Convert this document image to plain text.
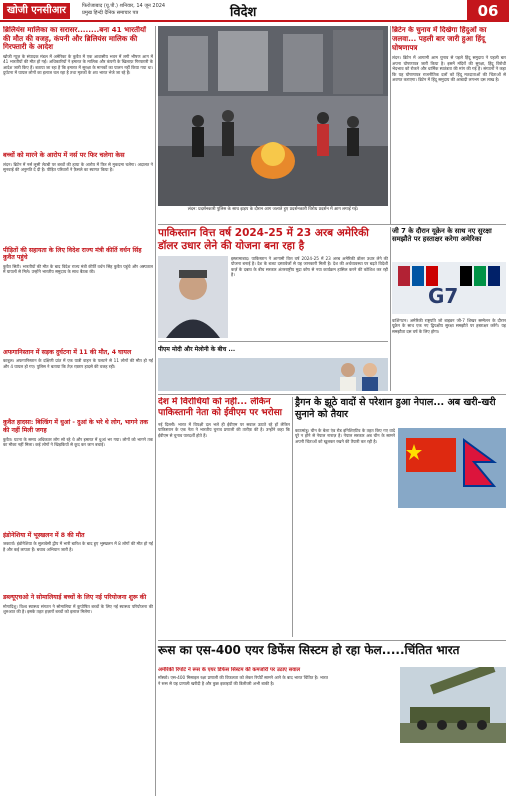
खोजी एनसीआर	फिरोजाबाद (यू.पी.) शनिवार, 14 जून 2024
प्रमुख हिन्दी दैनिक समाचार पत्र	विदेश	06
ब्रिलियंस मालिका का सरासर........बना 41 भारतीयों की मौत की वजह, कंपनी और ब्रिलियंस मालिक की गिरफ्तारी के आदेश
खोजी न्यूज़ के संपादक मंडल में अमेरिका के कुवैत में एक आवासीय भवन में लगी भीषण आग में 41 भारतीयों की मौत हो गई। अधिकारियों ने इमारत के मालिक और कंपनी के खिलाफ़ गिरफ्तारी के आदेश जारी किए हैं। बताया जा रहा है कि इमारत में सुरक्षा के मानकों का पालन नहीं किया गया था। दुर्घटना में घायल लोगों का इलाज चल रहा है तथा मृतकों के शव भारत भेजे जा रहे हैं।
बच्चों को मारने के आरोप में नर्स पर फिर चलेगा केस
लंदन। ब्रिटेन में नर्स लूसी लेटबी पर बच्चों की हत्या के आरोप में फिर से मुकदमा चलेगा। अदालत ने सुनवाई की अनुमति दे दी है। पीड़ित परिवारों ने फ़ैसले का स्वागत किया है।
पीड़ितों की सहायता के लिए विदेश राज्य मंत्री कीर्ति वर्धन सिंह कुवैत पहुंचे
कुवैत सिटी। भारतीयों की मौत के बाद विदेश राज्य मंत्री कीर्ति वर्धन सिंह कुवैत पहुंचे और अस्पताल में घायलों से मिले। उन्होंने भारतीय समुदाय के साथ बैठक की।
अफगानिस्तान में सड़क दुर्घटना में 11 की मौत, 4 घायल
काबुल। अफगानिस्तान के दक्षिणी प्रांत में एक यात्री वाहन के पलटने से 11 लोगों की मौत हो गई और 4 घायल हो गए। पुलिस ने बताया कि तेज़ रफ़्तार हादसे की वजह रही।
कुवैत हादसा: बिल्डिंग में धुआं - दुआं के भरे थे लोग, भागने तक की नहीं मिली जगह
कुवैत। घटना के समय अधिकतर लोग सो रहे थे और इमारत में धुआं भर गया। लोगों को भागने तक का मौका नहीं मिला। कई लोगों ने खिड़कियों से कूद कर जान बचाई।
इंडोनेशिया में भूस्खलन में 8 की मौत
जकार्ता। इंडोनेशिया के सुलावेसी द्वीप में भारी बारिश के बाद हुए भूस्खलन में 8 लोगों की मौत हो गई है और कई लापता हैं। बचाव अभियान जारी है।
डब्ल्यूएचओ ने सोमालियाई बच्चों के लिए नई परियोजना शुरू की
मोगादिशु। विश्व स्वास्थ्य संगठन ने सोमालिया में कुपोषित बच्चों के लिए नई स्वास्थ्य परियोजना की शुरुआत की है। इसके तहत हज़ारों बच्चों को इलाज मिलेगा।
लंदन: प्रदर्शनकारी पुलिस के साथ झड़प के दौरान आग जलाते हुए प्रदर्शनकारी विरोध प्रदर्शन में आग लगाई गई।
ब्रिटेन के चुनाव में दिखेगा हिंदुओं का जलवा... पहली बार जारी हुआ हिंदू घोषणापत्र
लंदन। ब्रिटेन में आगामी आम चुनाव से पहले हिंदू समुदाय ने पहली बार अपना घोषणापत्र जारी किया है। इसमें मंदिरों की सुरक्षा, हिंदू विरोधी भेदभाव को रोकने और धार्मिक स्वतंत्रता की मांग की गई है। संगठनों ने कहा कि यह घोषणापत्र राजनीतिक दलों को हिंदू मतदाताओं की चिंताओं से अवगत कराएगा। ब्रिटेन में हिंदू समुदाय की आबादी लगभग दस लाख है।
पाकिस्तान वित्त वर्ष 2024-25 में 23 अरब अमेरिकी डॉलर उधार लेने की योजना बना रहा है
इस्लामाबाद। पाकिस्तान ने आगामी वित्त वर्ष 2024-25 में 23 अरब अमेरिकी डॉलर उधार लेने की योजना बनाई है। देश के बजट दस्तावेजों से यह जानकारी मिली है। देश की अर्थव्यवस्था पर बढ़ते विदेशी कर्ज़ के दबाव के बीच सरकार अंतरराष्ट्रीय मुद्रा कोष से नया कार्यक्रम हासिल करने की कोशिश कर रही है।
जी 7 के दौरान यूक्रेन के साथ नए सुरक्षा समझौते पर हस्ताक्षर करेगा अमेरिका
G7
वाशिंगटन। अमेरिकी राष्ट्रपति जो बाइडन जी-7 शिखर सम्मेलन के दौरान यूक्रेन के साथ एक नए द्विपक्षीय सुरक्षा समझौते पर हस्ताक्षर करेंगे। यह समझौता दस वर्ष के लिए होगा।
पीएम मोदी और मेलोनी के बीच ...
देश में विरोधियों को नहीं... लेकिन पाकिस्तानी नेता को ईवीएम पर भरोसा
नई दिल्ली। भारत में विपक्षी दल भले ही ईवीएम पर सवाल उठाते रहे हों लेकिन पाकिस्तान के एक नेता ने भारतीय चुनाव प्रणाली की तारीफ़ की है। उन्होंने कहा कि ईवीएम से चुनाव पारदर्शी होते हैं।
ड्रैगन के झूठे वादों से परेशान हुआ नेपाल... अब खरी-खरी सुनाने को तैयार
काठमांडू। चीन के बेल्ट एंड रोड इनिशिएटिव के तहत किए गए वादे पूरे न होने से नेपाल नाराज़ है। नेपाल सरकार अब चीन के सामने अपनी चिंताओं को खुलकर रखने की तैयारी कर रही है।
रूस का एस-400 एयर डिफेंस सिस्टम हो रहा फेल.....चिंतित भारत
अमेरिकी रिपोर्ट ने रूस के एयर डिफेंस सिस्टम की कमजोरी पर उठाए सवाल
मॉस्को। एस-400 मिसाइल रक्षा प्रणाली की विफलता को लेकर रिपोर्टें सामने आने के बाद भारत चिंतित है। भारत ने रूस से यह प्रणाली खरीदी है और कुछ इकाइयों की डिलीवरी अभी बाकी है।
